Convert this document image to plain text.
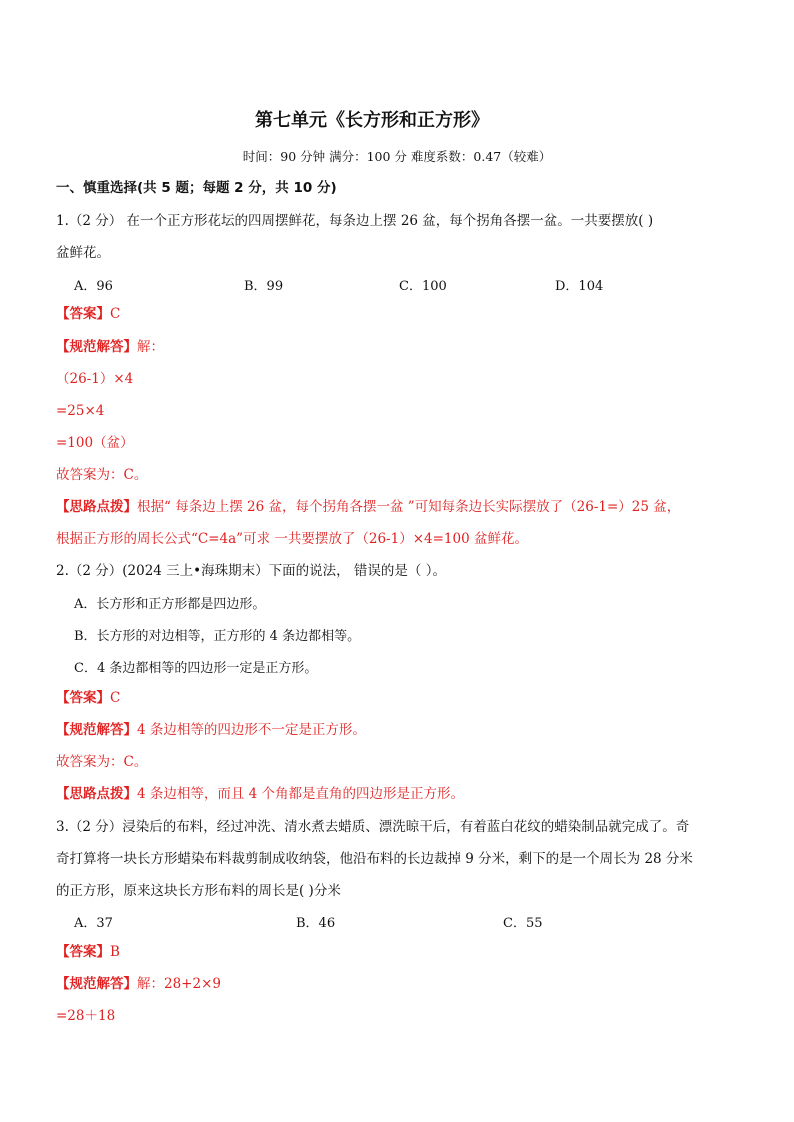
第七单元《长方形和正方形》
时间：90 分钟 满分：100 分 难度系数：0.47（较难）
一、慎重选择(共 5 题；每题 2 分，共 10 分)
1.（2 分） 在一个正方形花坛的四周摆鲜花，每条边上摆 26 盆，每个拐角各摆一盆。一共要摆放( )
盆鲜花。
A．96	B．99	C．100	D．104
【答案】C
【规范解答】解：
（26-1）×4
=25×4
=100（盆）
故答案为：C。
【思路点拨】根据“ 每条边上摆 26 盆，每个拐角各摆一盆 ”可知每条边长实际摆放了（26-1=）25 盆，
根据正方形的周长公式“C=4a”可求 一共要摆放了（26-1）×4=100 盆鲜花。
2.（2 分）(2024 三上•海珠期末）下面的说法， 错误的是（ ）。
A．长方形和正方形都是四边形。
B．长方形的对边相等，正方形的 4 条边都相等。
C．4 条边都相等的四边形一定是正方形。
【答案】C
【规范解答】4 条边相等的四边形不一定是正方形。
故答案为：C。
【思路点拨】4 条边相等，而且 4 个角都是直角的四边形是正方形。
3.（2 分）浸染后的布料，经过冲洗、清水煮去蜡质、漂洗晾干后，有着蓝白花纹的蜡染制品就完成了。奇
奇打算将一块长方形蜡染布料裁剪制成收纳袋，他沿布料的长边裁掉 9 分米，剩下的是一个周长为 28 分米
的正方形，原来这块长方形布料的周长是( )分米
A．37	B．46	C．55
【答案】B
【规范解答】解：28+2×9
=28＋18
